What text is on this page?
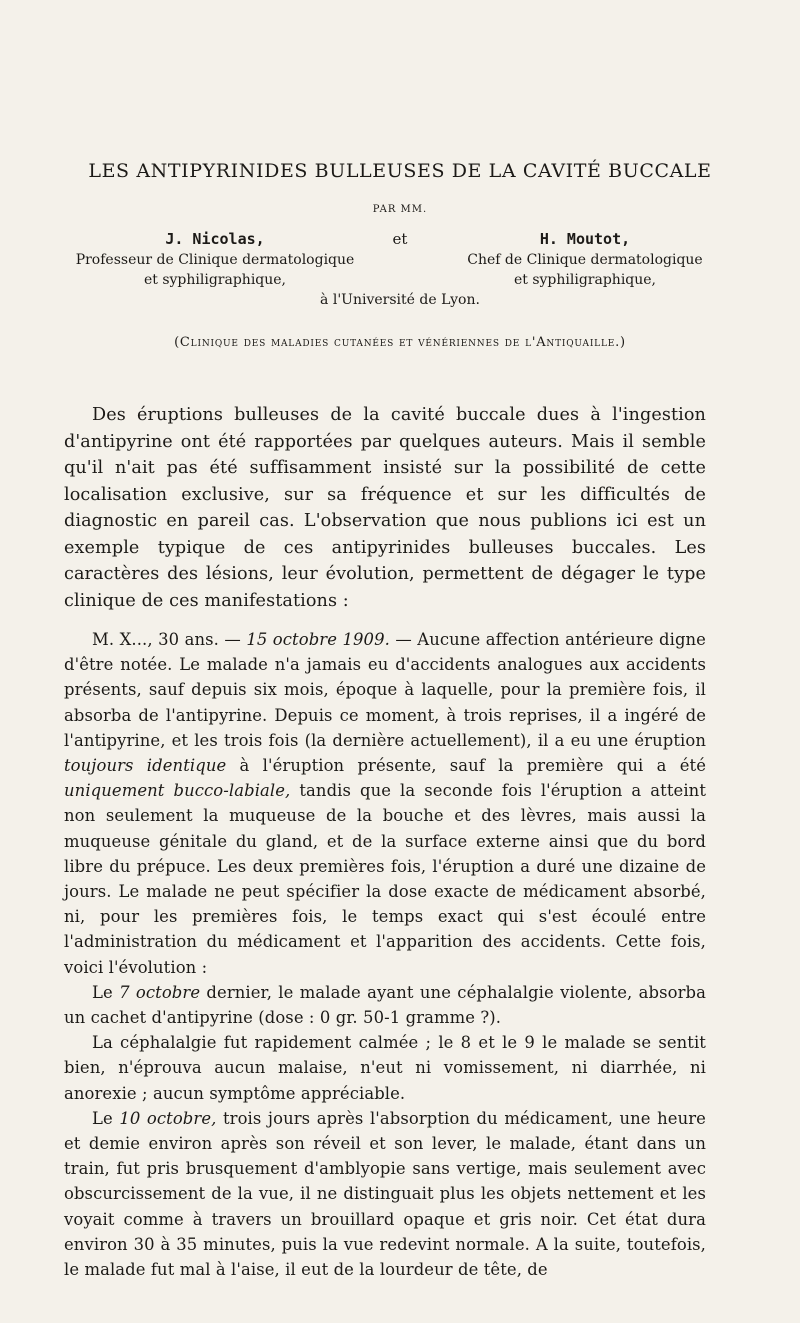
LES ANTIPYRINIDES BULLEUSES DE LA CAVITÉ BUCCALE
PAR MM.
J. Nicolas,
Professeur de Clinique dermatologique
et syphiligraphique,
et	H. Moutot,
Chef de Clinique dermatologique
et syphiligraphique,
à l'Université de Lyon.
(Clinique des maladies cutanées et vénériennes de l'Antiquaille.)

Des éruptions bulleuses de la cavité buccale dues à l'ingestion d'antipyrine ont été rapportées par quelques auteurs. Mais il semble qu'il n'ait pas été suffisamment insisté sur la possibilité de cette localisation exclusive, sur sa fréquence et sur les difficultés de diagnostic en pareil cas. L'observation que nous publions ici est un exemple typique de ces antipyrinides bulleuses buccales. Les caractères des lésions, leur évolution, permettent de dégager le type clinique de ces manifestations :

M. X..., 30 ans. — 15 octobre 1909. — Aucune affection antérieure digne d'être notée. Le malade n'a jamais eu d'accidents analogues aux accidents présents, sauf depuis six mois, époque à laquelle, pour la première fois, il absorba de l'antipyrine. Depuis ce moment, à trois reprises, il a ingéré de l'antipyrine, et les trois fois (la dernière actuellement), il a eu une éruption toujours identique à l'éruption présente, sauf la première qui a été uniquement bucco-labiale, tandis que la seconde fois l'éruption a atteint non seulement la muqueuse de la bouche et des lèvres, mais aussi la muqueuse génitale du gland, et de la surface externe ainsi que du bord libre du prépuce. Les deux premières fois, l'éruption a duré une dizaine de jours. Le malade ne peut spécifier la dose exacte de médicament absorbé, ni, pour les premières fois, le temps exact qui s'est écoulé entre l'administration du médicament et l'apparition des accidents. Cette fois, voici l'évolution :

Le 7 octobre dernier, le malade ayant une céphalalgie violente, absorba un cachet d'antipyrine (dose : 0 gr. 50-1 gramme ?).

La céphalalgie fut rapidement calmée ; le 8 et le 9 le malade se sentit bien, n'éprouva aucun malaise, n'eut ni vomissement, ni diarrhée, ni anorexie ; aucun symptôme appréciable.

Le 10 octobre, trois jours après l'absorption du médicament, une heure et demie environ après son réveil et son lever, le malade, étant dans un train, fut pris brusquement d'amblyopie sans vertige, mais seulement avec obscurcissement de la vue, il ne distinguait plus les objets nettement et les voyait comme à travers un brouillard opaque et gris noir. Cet état dura environ 30 à 35 minutes, puis la vue redevint normale. A la suite, toutefois, le malade fut mal à l'aise, il eut de la lourdeur de tête, de
